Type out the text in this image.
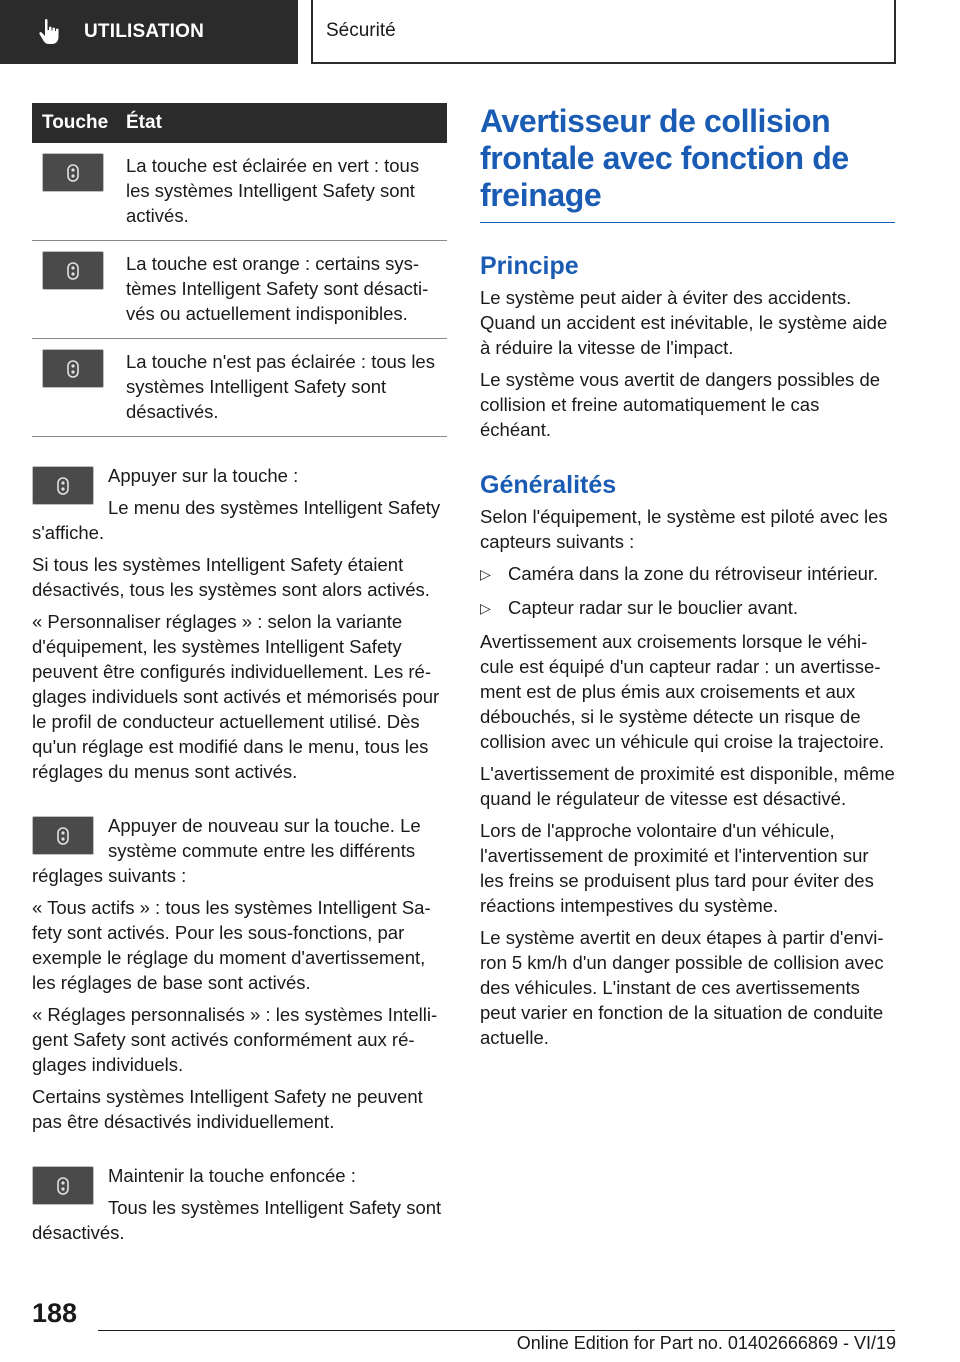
UTILISATION	Sécurité
Touche	État

	La touche est éclairée en vert : tous les systèmes Intelligent Safety sont activés.

	La touche est orange : certains systèmes Intelligent Safety sont désactivés ou actuellement indisponibles.

	La touche n'est pas éclairée : tous les systèmes Intelligent Safety sont désactivés.

Appuyer sur la touche :

Le menu des systèmes Intelligent Safety s'affiche.

Si tous les systèmes Intelligent Safety étaient désactivés, tous les systèmes sont alors activés.

« Personnaliser réglages » : selon la variante d'équipement, les systèmes Intelligent Safety peuvent être configurés individuellement. Les réglages individuels sont activés et mémorisés pour le profil de conducteur actuellement utilisé. Dès qu'un réglage est modifié dans le menu, tous les réglages du menus sont activés.

Appuyer de nouveau sur la touche. Le système commute entre les différents réglages suivants :

« Tous actifs » : tous les systèmes Intelligent Safety sont activés. Pour les sous-fonctions, par exemple le réglage du moment d'avertissement, les réglages de base sont activés.

« Réglages personnalisés » : les systèmes Intelligent Safety sont activés conformément aux réglages individuels.

Certains systèmes Intelligent Safety ne peuvent pas être désactivés individuellement.

Maintenir la touche enfoncée :

Tous les systèmes Intelligent Safety sont désactivés.

Avertisseur de collision frontale avec fonction de freinage
Principe

Le système peut aider à éviter des accidents. Quand un accident est inévitable, le système aide à réduire la vitesse de l'impact.

Le système vous avertit de dangers possibles de collision et freine automatiquement le cas échéant.

Généralités

Selon l'équipement, le système est piloté avec les capteurs suivants :

▷ Caméra dans la zone du rétroviseur intérieur.
▷ Capteur radar sur le bouclier avant.

Avertissement aux croisements lorsque le véhicule est équipé d'un capteur radar : un avertissement est de plus émis aux croisements et aux débouchés, si le système détecte un risque de collision avec un véhicule qui croise la trajectoire.

L'avertissement de proximité est disponible, même quand le régulateur de vitesse est désactivé.

Lors de l'approche volontaire d'un véhicule, l'avertissement de proximité et l'intervention sur les freins se produisent plus tard pour éviter des réactions intempestives du système.

Le système avertit en deux étapes à partir d'environ 5 km/h d'un danger possible de collision avec des véhicules. L'instant de ces avertissements peut varier en fonction de la situation de conduite actuelle.

188
Online Edition for Part no. 01402666869 - VI/19
